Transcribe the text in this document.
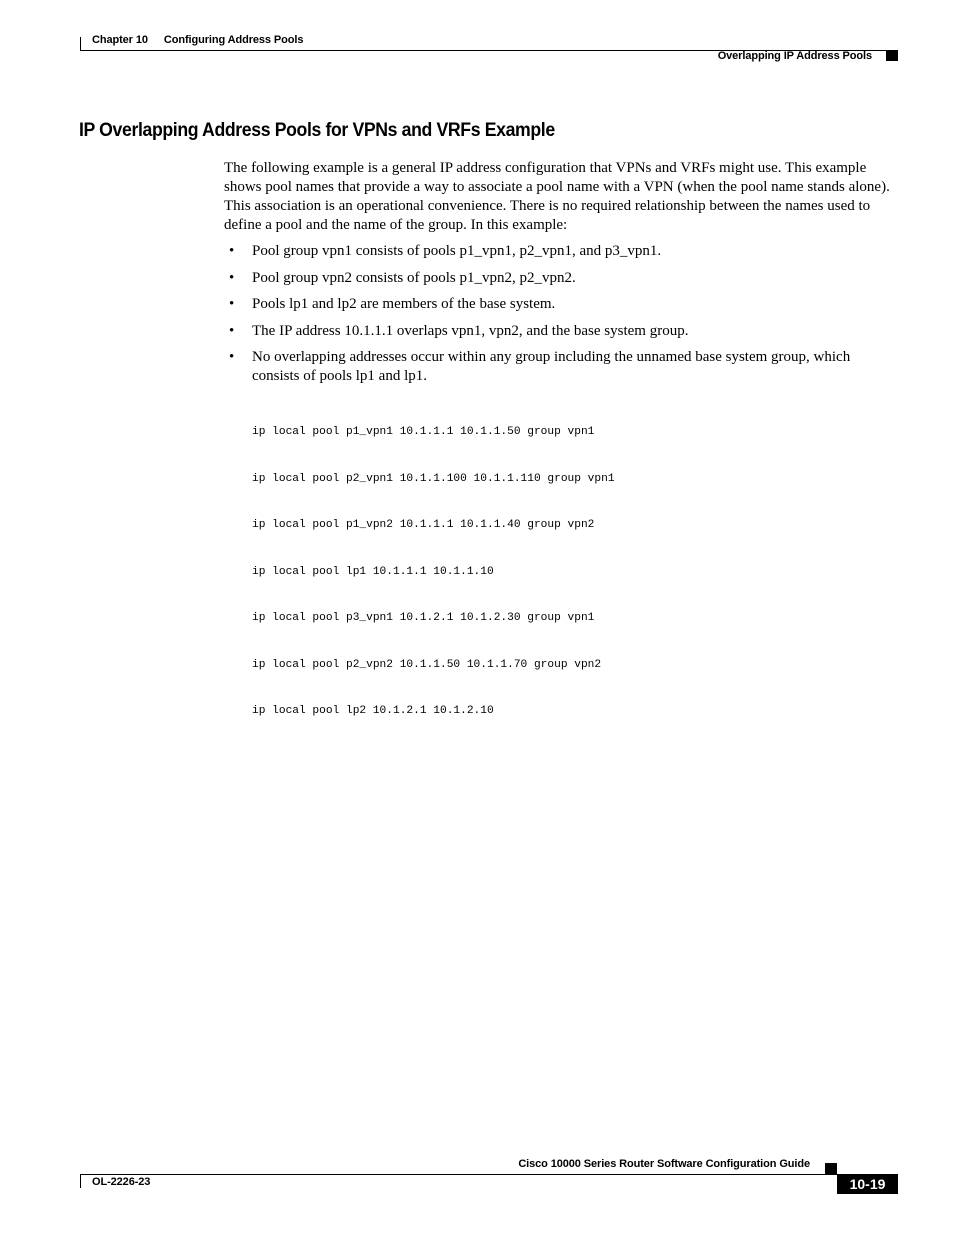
Chapter 10 Configuring Address Pools
Overlapping IP Address Pools
IP Overlapping Address Pools for VPNs and VRFs Example

The following example is a general IP address configuration that VPNs and VRFs might use. This example shows pool names that provide a way to associate a pool name with a VPN (when the pool name stands alone). This association is an operational convenience. There is no required relationship between the names used to define a pool and the name of the group. In this example:

• Pool group vpn1 consists of pools p1_vpn1, p2_vpn1, and p3_vpn1.
• Pool group vpn2 consists of pools p1_vpn2, p2_vpn2.
• Pools lp1 and lp2 are members of the base system.
• The IP address 10.1.1.1 overlaps vpn1, vpn2, and the base system group.
• No overlapping addresses occur within any group including the unnamed base system group, which consists of pools lp1 and lp1.

ip local pool p1_vpn1 10.1.1.1 10.1.1.50 group vpn1

ip local pool p2_vpn1 10.1.1.100 10.1.1.110 group vpn1

ip local pool p1_vpn2 10.1.1.1 10.1.1.40 group vpn2

ip local pool lp1 10.1.1.1 10.1.1.10

ip local pool p3_vpn1 10.1.2.1 10.1.2.30 group vpn1

ip local pool p2_vpn2 10.1.1.50 10.1.1.70 group vpn2

ip local pool lp2 10.1.2.1 10.1.2.10

Cisco 10000 Series Router Software Configuration Guide
OL-2226-23	10-19
